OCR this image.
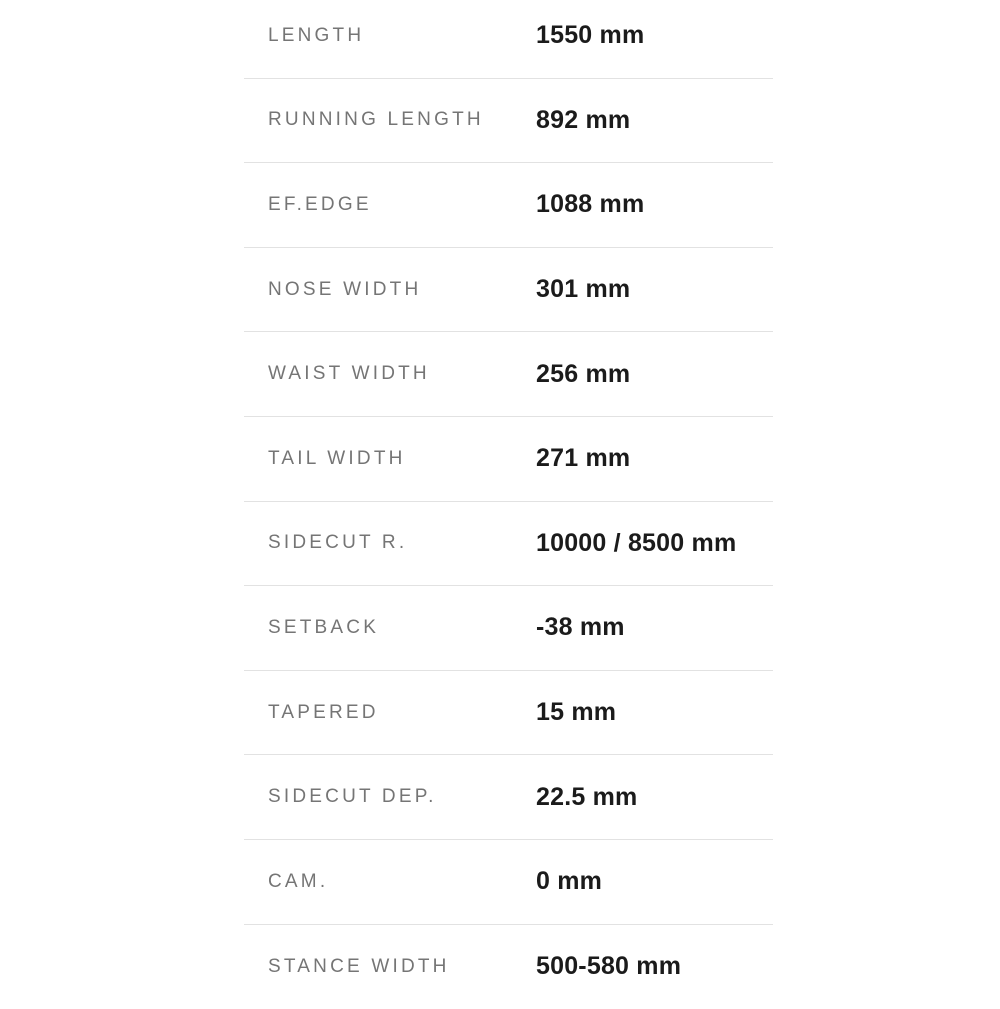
LENGTH	1550 mm
RUNNING LENGTH	892 mm
EF.EDGE	1088 mm
NOSE WIDTH	301 mm
WAIST WIDTH	256 mm
TAIL WIDTH	271 mm
SIDECUT R.	10000 / 8500 mm
SETBACK	-38 mm
TAPERED	15 mm
SIDECUT DEP.	22.5 mm
CAM.	0 mm
STANCE WIDTH	500-580 mm
